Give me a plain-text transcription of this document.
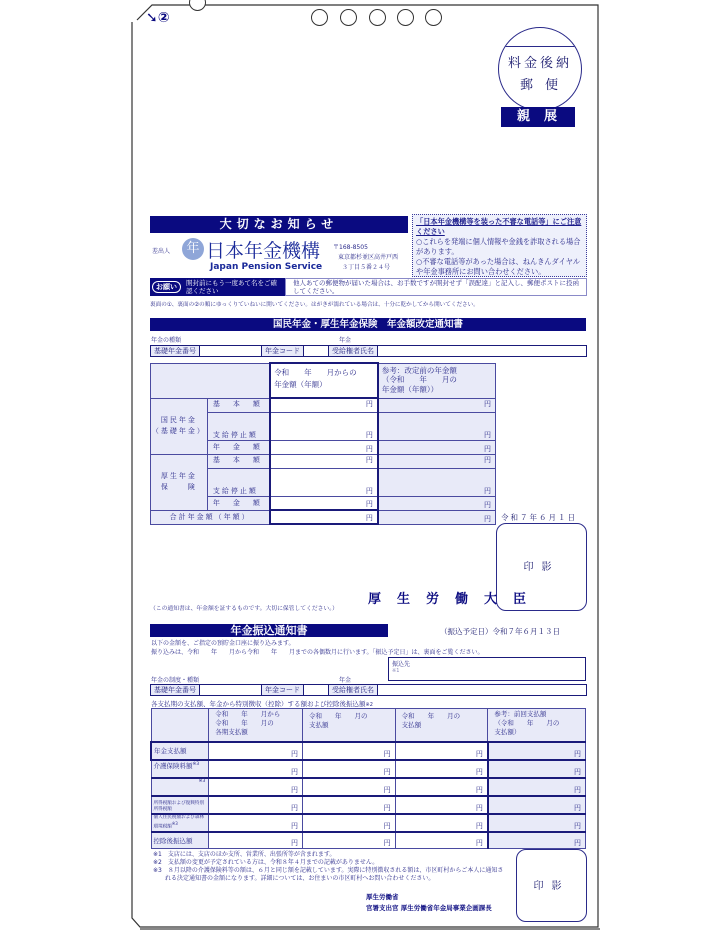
➘②
料金後納
郵便
親展
大切なお知らせ
差出人	年 日本年金機構
Japan Pension Service
〒168-8505
東京都杉並区高井戸西
３丁目５番２４号
「日本年金機構等を装った不審な電話等」にご注意ください
○これらを発端に個人情報や金銭を詐取される場合があります。
○不審な電話等があった場合は、ねんきんダイヤルや年金事務所にお問い合わせください。
お願い	開封前にもう一度あて名をご確認ください
他人あての郵便物が届いた場合は、お手数ですが開封せず「誤配達」と記入し、郵便ポストに投函してください。
裏面の①、裏面の②の順にゆっくりていねいに開いてください。はがきが濡れている場合は、十分に乾かしてから開いてください。
国民年金・厚生年金保険　年金額改定通知書
年金の種類	年金
基礎年金番号	年金コード	受給権者氏名

令和　　年　　月からの
年金額（年額）

参考：改定前の年金額
（令和　　年　　月の
年金額（年額））

国民年金
（基礎年金）	基　本　額	円	円
	支給停止額	円	円
	年　金　額	円	円

厚生年金
保　　険	基　本　額	円	円
	支給停止額	円	円
	年　金　額	円	円
合計年金額（年額）		円	円 令和７年６月１日
印影
厚生労働大臣
（この通知書は、年金額を証するものです。大切に保管してください。）
年金振込通知書	（振込予定日）令和７年６月１３日
以下の金額を、ご指定の預貯金口座に振り込みます。
振り込みは、令和　　年　　月から令和　　年　　月までの各偶数月に行います。「振込予定日」は、裏面をご覧ください。
振込先
※1
年金の制度・種類	年金
基礎年金番号	年金コード	受給権者氏名
各支払期の支払額、年金から特別徴収（控除）する額および控除後振込額※2

令和　　年　　月から
令和　　年　　月の
各期支払額

令和　　年　　月の
支払額

令和　　年　　月の
支払額

参考：前回支払額
（令和　　年　　月の
支払額）

年金支払額	円	円	円	円
介護保険料額$^{※3}$	円	円	円	円
※3	円	円	円	円
所得税額および復興特別所得税額	円	円	円	円
個人住民税額および森林環境税額$^{※3}$	円	円	円	円
控除後振込額	円	円	円	円
※1　支店には、支店のほか支所、営業所、出張所等が含まれます。
※2　支払額の変更が予定されている方は、令和８年４月までの記載がありません。
※3　８月以降の介護保険料等の額は、６月と同じ額を記載しています。実際に特別徴収される額は、市区町村からご本人に通知される決定通知書の金額になります。詳細については、お住まいの市区町村へお問い合わせください。
厚生労働省
官署支出官 厚生労働省年金局事業企画課長
印影
